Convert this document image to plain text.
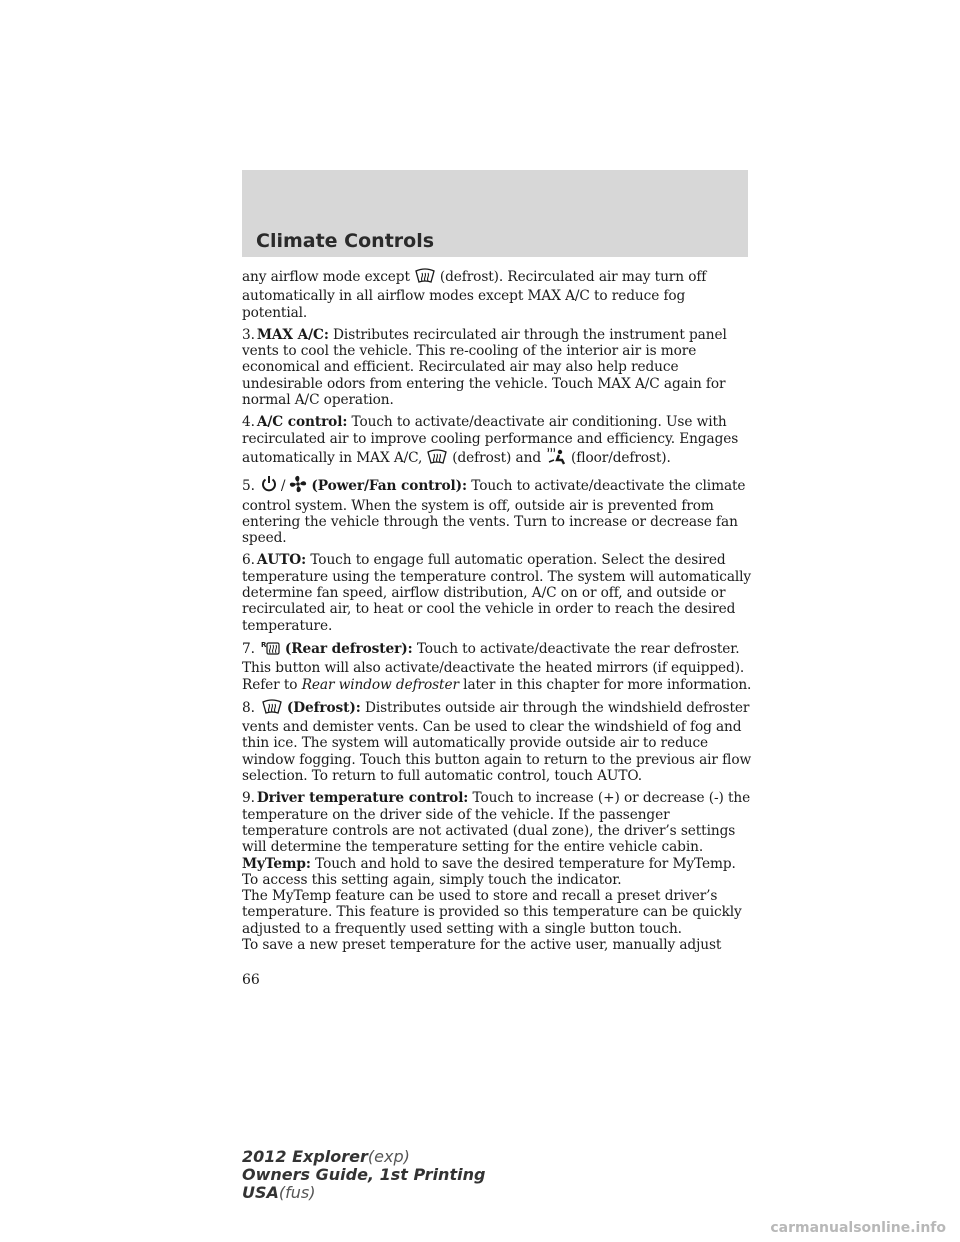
Climate Controls

any airflow mode except (defrost). Recirculated air may turn off automatically in all airflow modes except MAX A/C to reduce fog potential.

3. MAX A/C: Distributes recirculated air through the instrument panel vents to cool the vehicle. This re-cooling of the interior air is more economical and efficient. Recirculated air may also help reduce undesirable odors from entering the vehicle. Touch MAX A/C again for normal A/C operation.

4. A/C control: Touch to activate/deactivate air conditioning. Use with recirculated air to improve cooling performance and efficiency. Engages automatically in MAX A/C, (defrost) and (floor/defrost).

5. / (Power/Fan control): Touch to activate/deactivate the climate control system. When the system is off, outside air is prevented from entering the vehicle through the vents. Turn to increase or decrease fan speed.

6. AUTO: Touch to engage full automatic operation. Select the desired temperature using the temperature control. The system will automatically determine fan speed, airflow distribution, A/C on or off, and outside or recirculated air, to heat or cool the vehicle in order to reach the desired temperature.

7. R (Rear defroster): Touch to activate/deactivate the rear defroster. This button will also activate/deactivate the heated mirrors (if equipped). Refer to Rear window defroster later in this chapter for more information.

8. (Defrost): Distributes outside air through the windshield defroster vents and demister vents. Can be used to clear the windshield of fog and thin ice. The system will automatically provide outside air to reduce window fogging. Touch this button again to return to the previous air flow selection. To return to full automatic control, touch AUTO.

9. Driver temperature control: Touch to increase (+) or decrease (-) the temperature on the driver side of the vehicle. If the passenger temperature controls are not activated (dual zone), the driver’s settings will determine the temperature setting for the entire vehicle cabin.

MyTemp: Touch and hold to save the desired temperature for MyTemp. To access this setting again, simply touch the indicator.

The MyTemp feature can be used to store and recall a preset driver’s temperature. This feature is provided so this temperature can be quickly adjusted to a frequently used setting with a single button touch.

To save a new preset temperature for the active user, manually adjust

66
2012 Explorer(exp)
Owners Guide, 1st Printing
USA(fus)
carmanualsonline.info
